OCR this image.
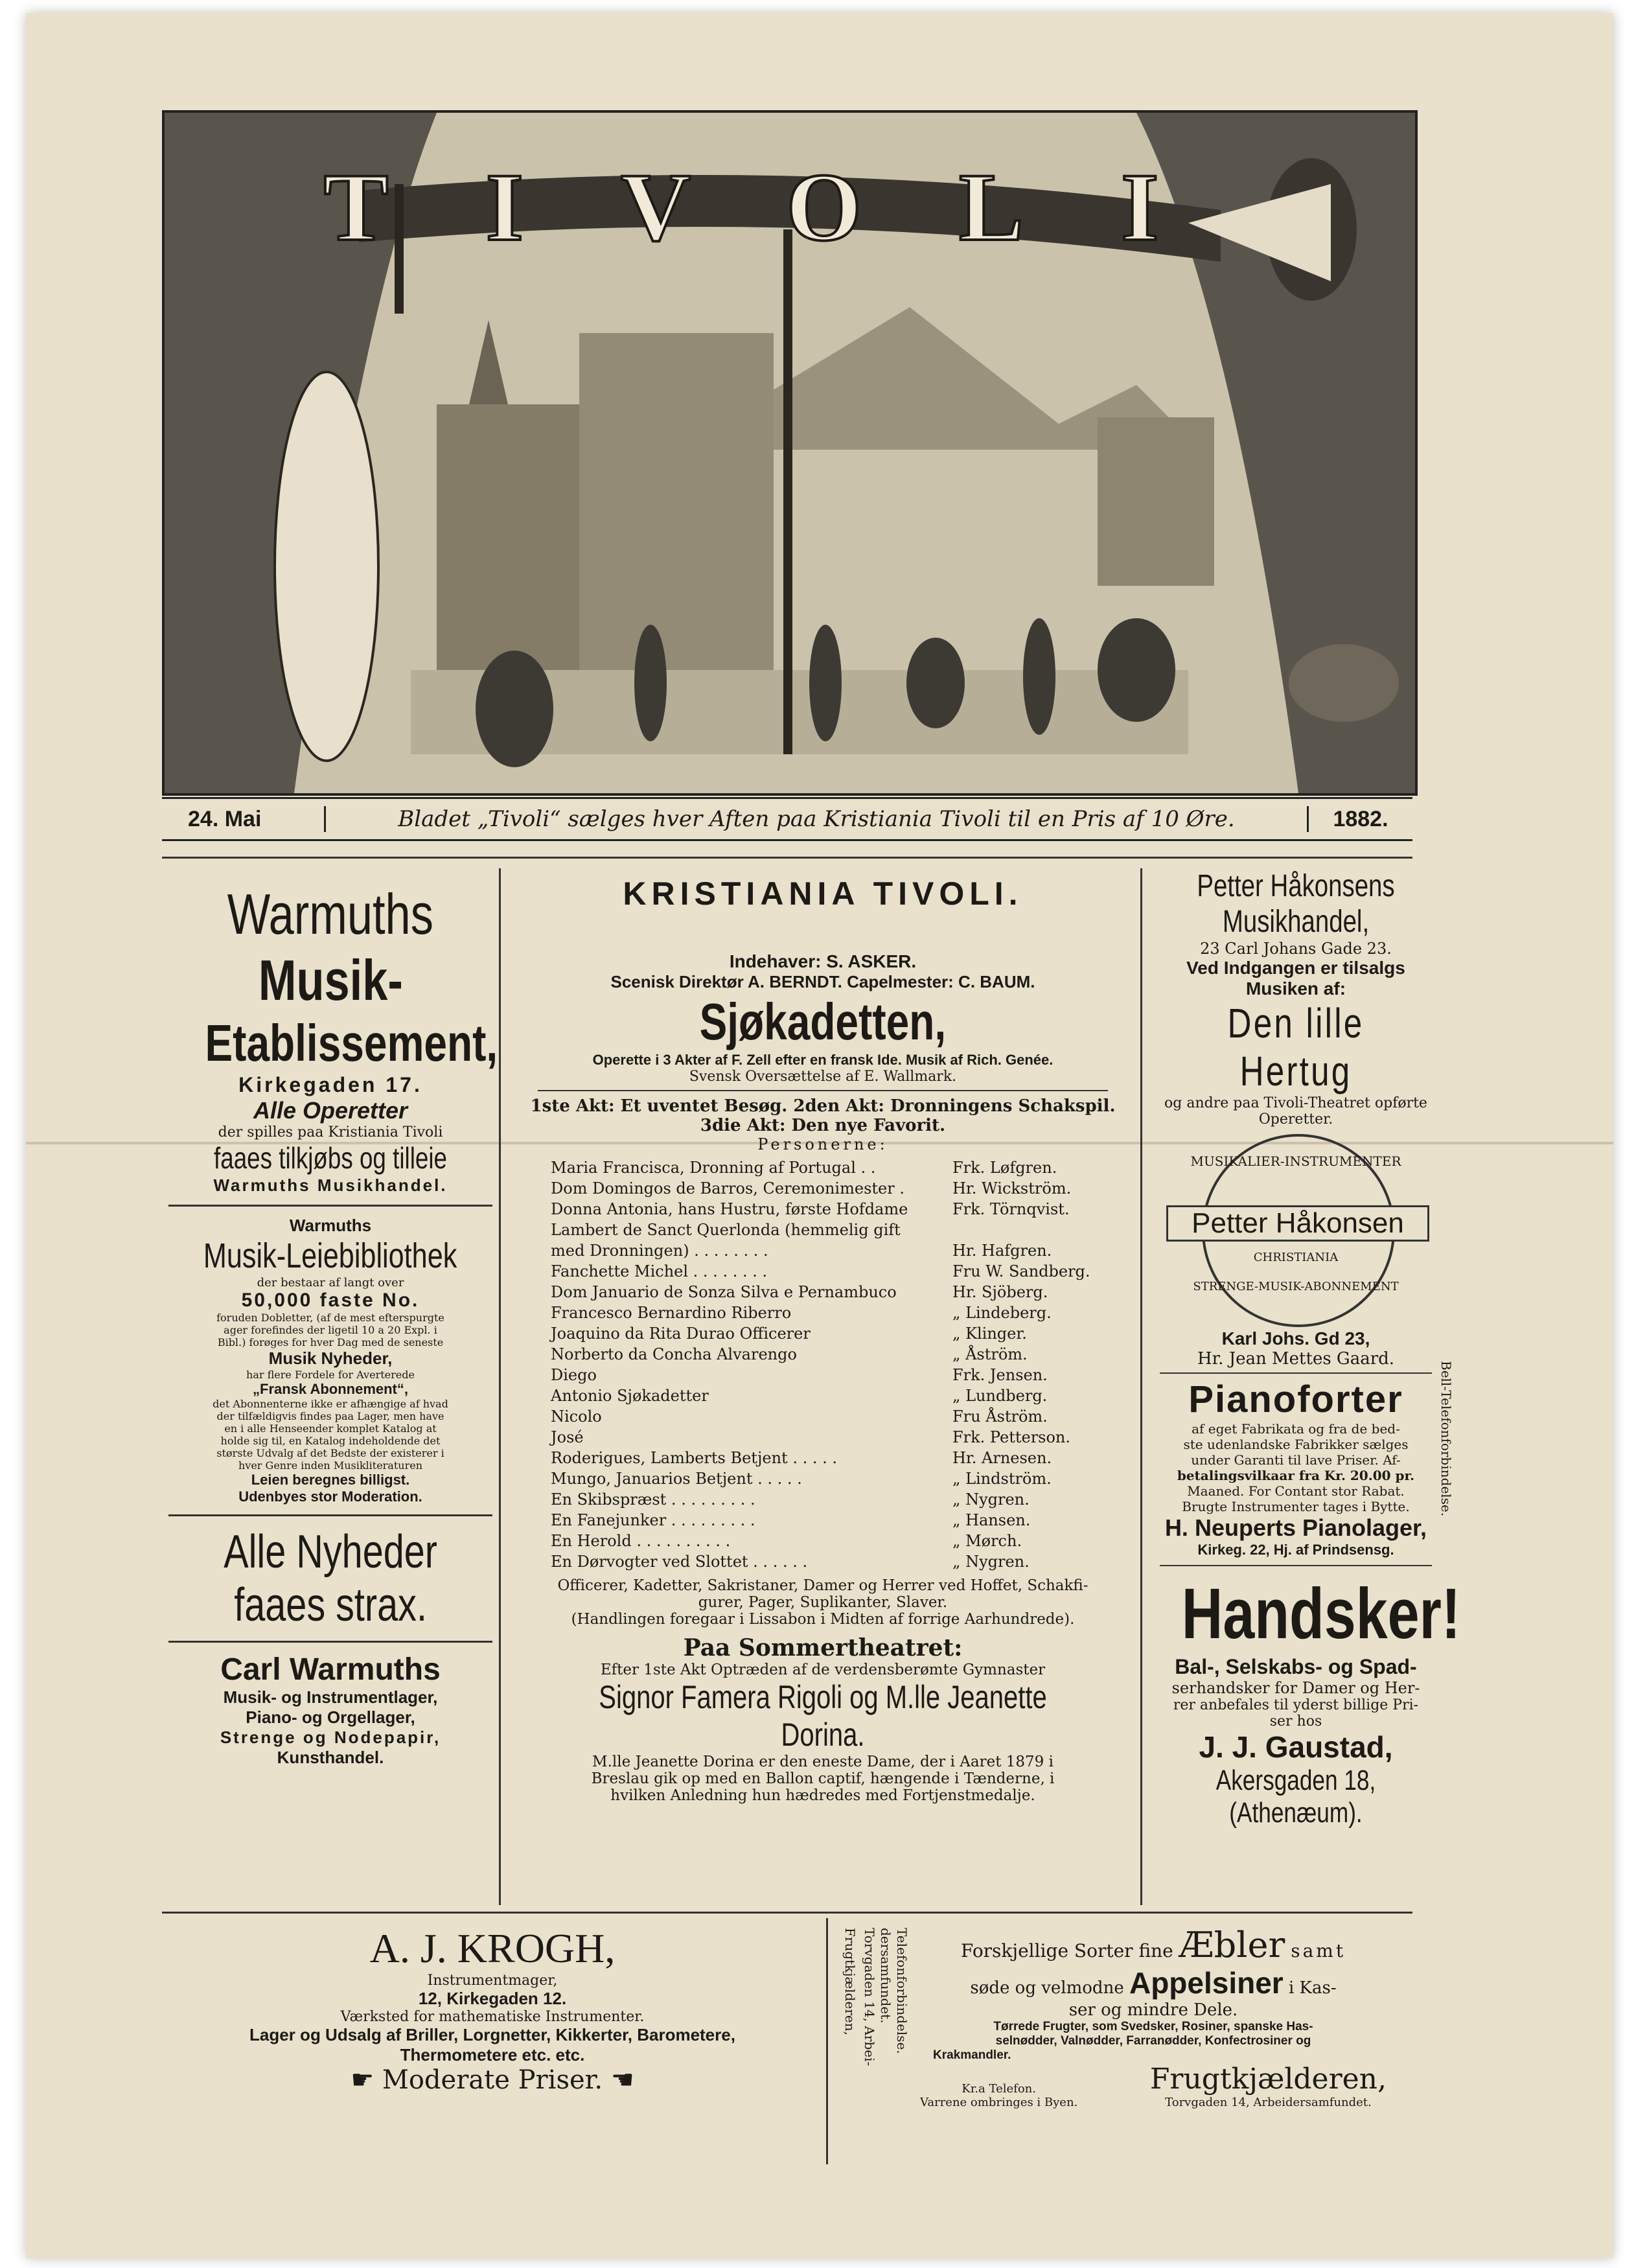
TIVOLI
24. Mai	Bladet „Tivoli“ sælges hver Aften paa Kristiania Tivoli til en Pris af 10 Øre.	1882.

Warmuths

Musik-

Etablissement,

Kirkegaden 17.

Alle Operetter

der spilles paa Kristiania Tivoli

faaes tilkjøbs og tilleie

Warmuths Musikhandel.

Warmuths

Musik-Leiebibliothek

der bestaar af langt over

50,000 faste No.

foruden Dobletter, (af de mest efterspurgte

ager forefindes der ligetil 10 a 20 Expl. i

Bibl.) forøges for hver Dag med de seneste

Musik Nyheder,

har flere Fordele for Averterede

„Fransk Abonnement“,

det Abonnenterne ikke er afhængige af hvad

der tilfældigvis findes paa Lager, men have

en i alle Henseender komplet Katalog at

holde sig til, en Katalog indeholdende det

største Udvalg af det Bedste der existerer i

hver Genre inden Musikliteraturen

Leien beregnes billigst.

Udenbyes stor Moderation.

Alle Nyheder

faaes strax.

Carl Warmuths

Musik- og Instrumentlager,

Piano- og Orgellager,

Strenge og Nodepapir,

Kunsthandel.

KRISTIANIA TIVOLI.

Indehaver: S. ASKER.

Scenisk Direktør A. BERNDT. Capelmester: C. BAUM.

Sjøkadetten,

Operette i 3 Akter af F. Zell efter en fransk Ide. Musik af Rich. Genée.

Svensk Oversættelse af E. Wallmark.

1ste Akt: Et uventet Besøg. 2den Akt: Dronningens Schakspil.

3die Akt: Den nye Favorit.

Personerne:

Maria Francisca, Dronning af Portugal . .	Frk. Løfgren.
Dom Domingos de Barros, Ceremonimester .	Hr. Wickström.
Donna Antonia, hans Hustru, første Hofdame	Frk. Törnqvist.
Lambert de Sanct Querlonda (hemmelig gift
med Dronningen) . . . . . . . .	Hr. Hafgren.
Fanchette Michel . . . . . . . .	Fru W. Sandberg.
Dom Januario de Sonza Silva e Pernambuco	Hr. Sjöberg.
Francesco Bernardino Riberro	„ Lindeberg.
Joaquino da Rita Durao Officerer	„ Klinger.
Norberto da Concha Alvarengo	„ Åström.
Diego	Frk. Jensen.
Antonio Sjøkadetter	„ Lundberg.
Nicolo	Fru Åström.
José	Frk. Petterson.
Roderigues, Lamberts Betjent . . . . .	Hr. Arnesen.
Mungo, Januarios Betjent . . . . .	„ Lindström.
En Skibspræst . . . . . . . . .	„ Nygren.
En Fanejunker . . . . . . . . .	„ Hansen.
En Herold . . . . . . . . . .	„ Mørch.
En Dørvogter ved Slottet . . . . . .	„ Nygren.

Officerer, Kadetter, Sakristaner, Damer og Herrer ved Hoffet, Schakfi-

gurer, Pager, Suplikanter, Slaver.

(Handlingen foregaar i Lissabon i Midten af forrige Aarhundrede).

Paa Sommertheatret:

Efter 1ste Akt Optræden af de verdensberømte Gymnaster

Signor Famera Rigoli og M.lle Jeanette Dorina.

M.lle Jeanette Dorina er den eneste Dame, der i Aaret 1879 i

Breslau gik op med en Ballon captif, hængende i Tænderne, i

hvilken Anledning hun hædredes med Fortjenstmedalje.

Petter Håkonsens Musikhandel,

23 Carl Johans Gade 23.

Ved Indgangen er tilsalgs

Musiken af:

Den lille Hertug

og andre paa Tivoli-Theatret opførte

Operetter.

MUSIKALIER-INSTRUMENTER

Petter Håkonsen

CHRISTIANIA

STRENGE-MUSIK-ABONNEMENT

Karl Johs. Gd 23,

Hr. Jean Mettes Gaard.

Pianoforter

af eget Fabrikata og fra de bed-

ste udenlandske Fabrikker sælges

under Garanti til lave Priser. Af-

betalingsvilkaar fra Kr. 20.00 pr.

Maaned. For Contant stor Rabat.

Brugte Instrumenter tages i Bytte.

H. Neuperts Pianolager,

Kirkeg. 22, Hj. af Prindsensg.

Handsker!

Bal-, Selskabs- og Spad-

serhandsker for Damer og Her-

rer anbefales til yderst billige Pri-

ser hos

J. J. Gaustad,

Akersgaden 18, (Athenæum).

Bell-Telefonforbindelse.

A. J. KROGH,

Instrumentmager,

12, Kirkegaden 12.

Værksted for mathematiske Instrumenter.

Lager og Udsalg af Briller, Lorgnetter, Kikkerter, Barometere,

Thermometere etc. etc.

☛ Moderate Priser. ☚

Frugtkjælderen, Torvgaden 14, Arbei- dersamfundet. Telefonforbindelse.	Forskjellige Sorter fine Æbler samt

søde og velmodne Appelsiner i Kas-

ser og mindre Dele.

Tørrede Frugter, som Svedsker, Rosiner, spanske Has-

selnødder, Valnødder, Farranødder, Konfectrosiner og

Krakmandler.

Kr.a Telefon.

Varrene ombringes i Byen.

Frugtkjælderen,

Torvgaden 14, Arbeidersamfundet.
